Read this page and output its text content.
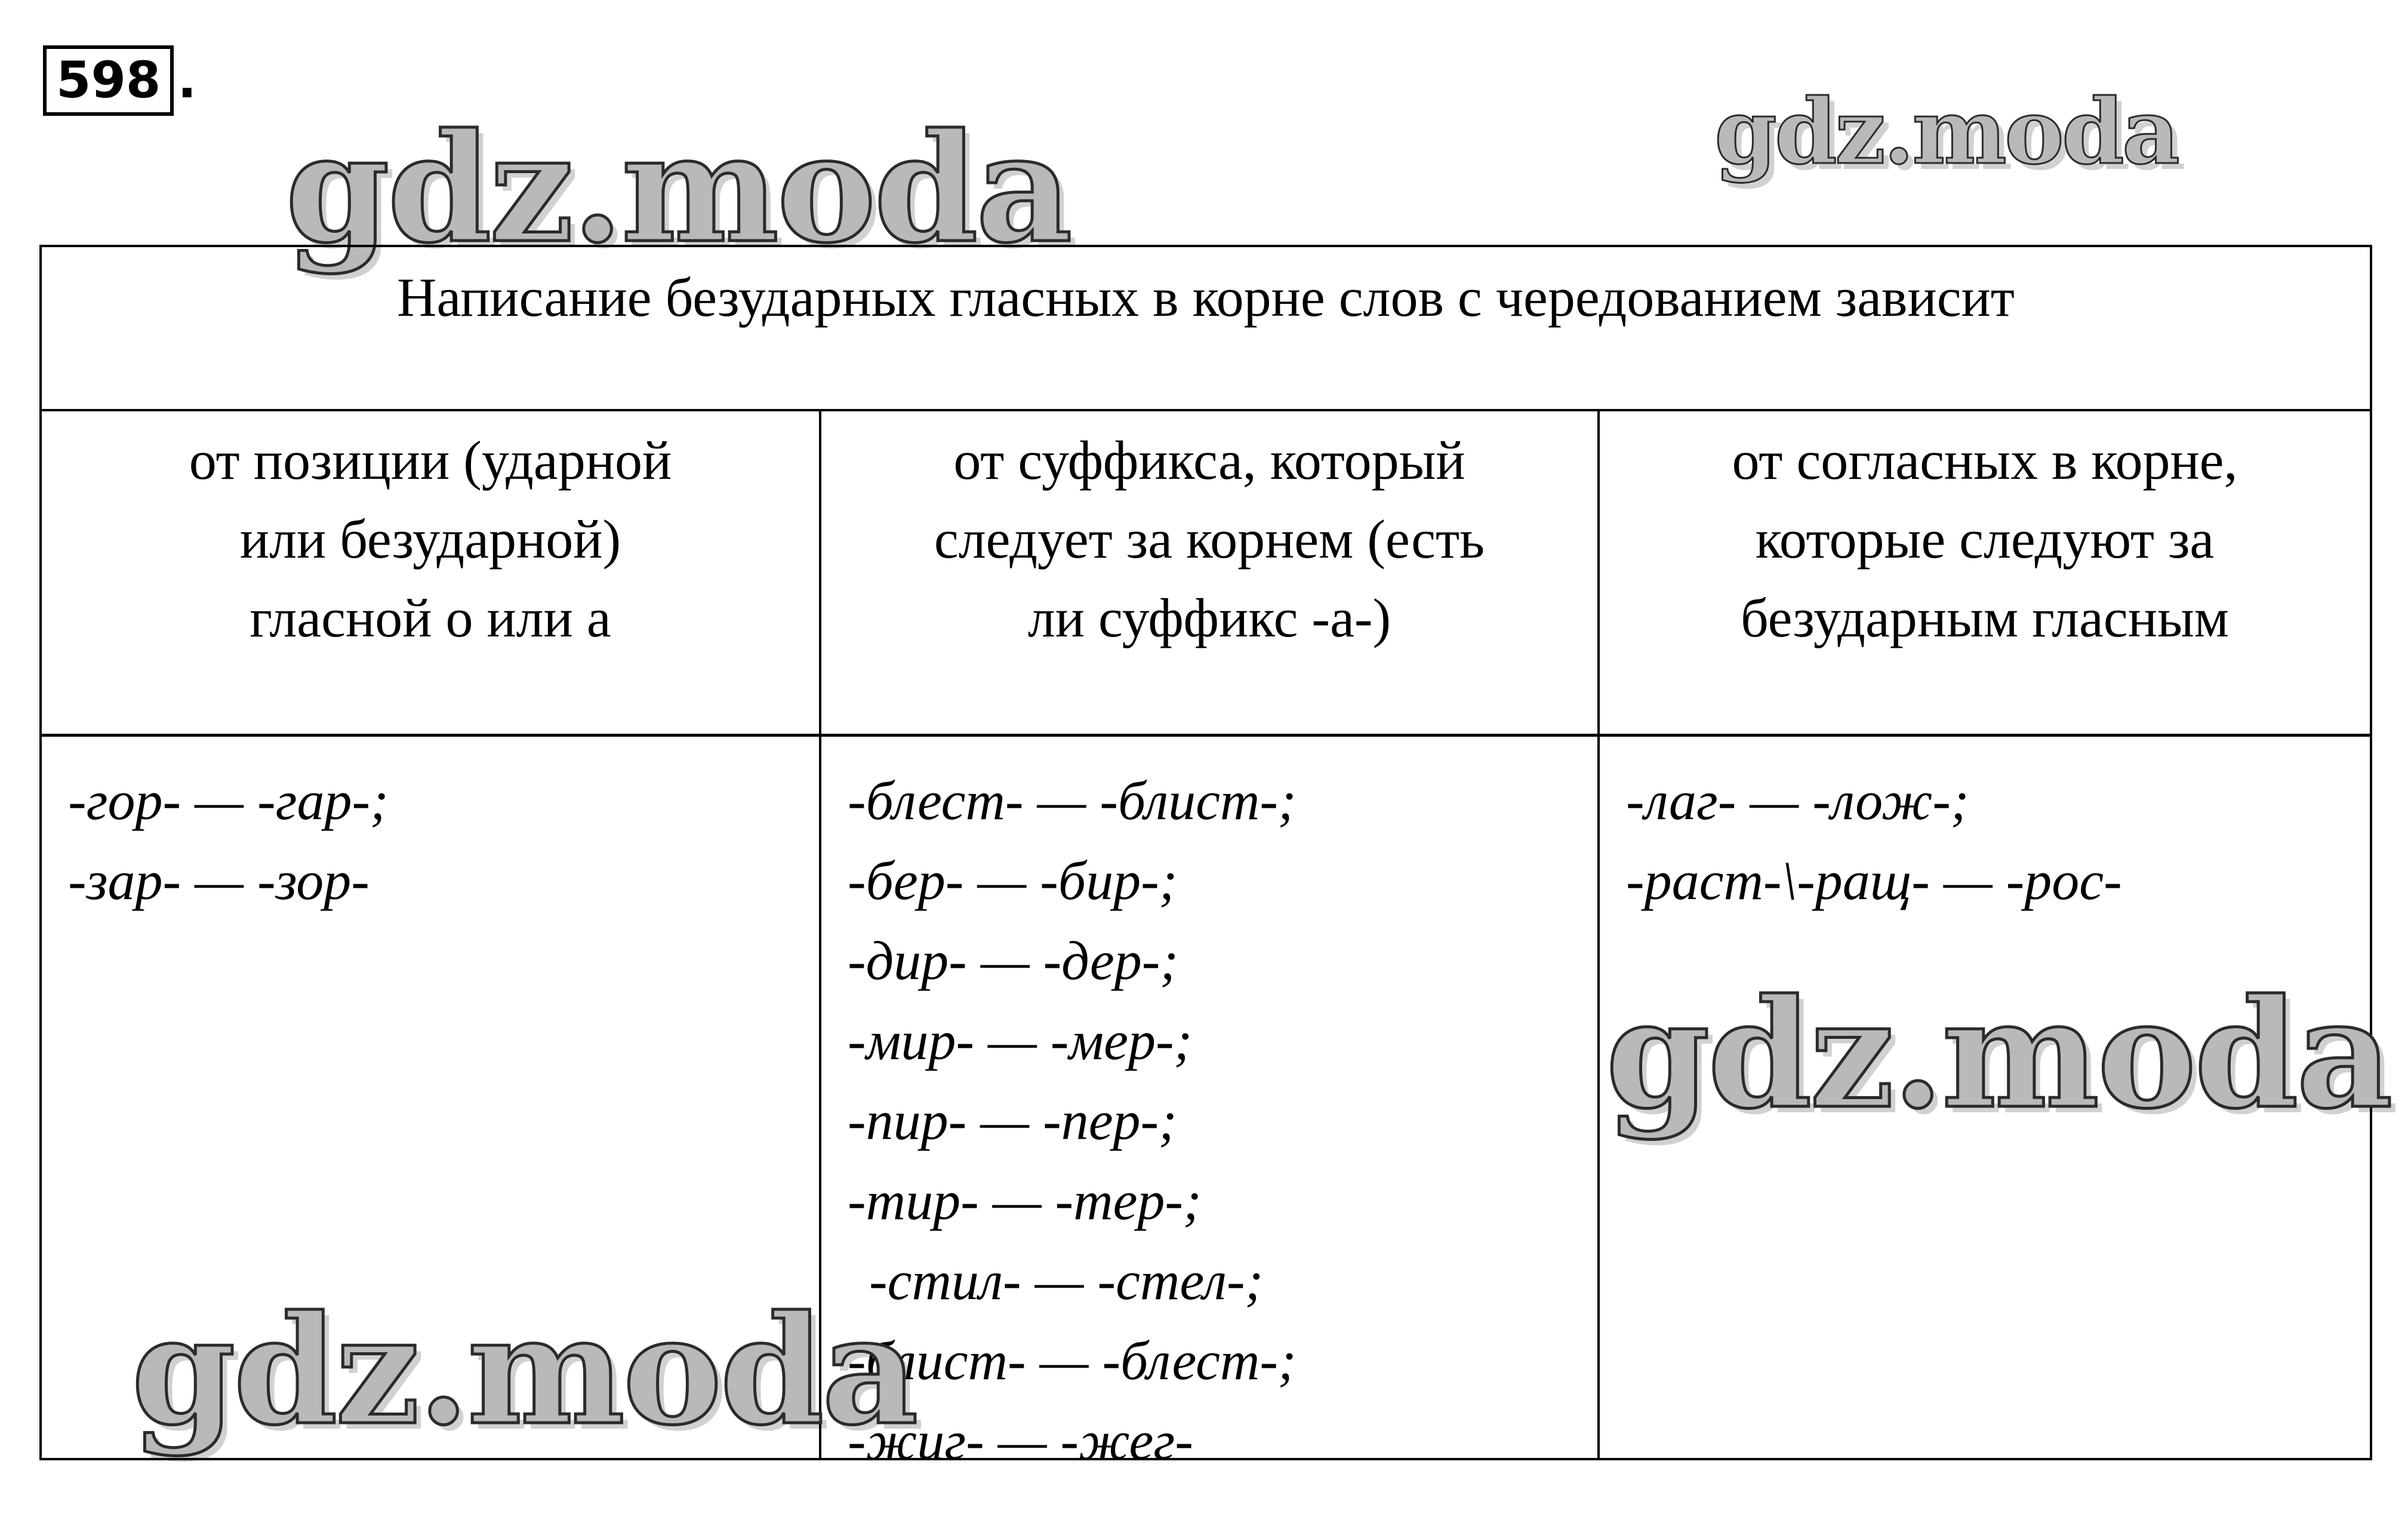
598 .
gdz.moda	gdz.moda
Написание безударных гласных в корне слов с чередованием зависит
от позиции (ударной
или безударной)
гласной о или а
-гор- — -гар-;
-зар- — -зор-
от суффикса, который
следует за корнем (есть
ли суффикс -а-)
-блест- — -блист-;
-бер- — -бир-;
-дир- — -дер-;
-мир- — -мер-;
-пир- — -пер-;
-тир- — -тер-;
-стил- — -стел-;
-блист- — -блест-;
-жиг- — -жег-
от согласных в корне,
которые следуют за
безударным гласным
-лаг- — -лож-;
-раст-\-ращ- — -рос-
gdz.moda
gdz.moda
